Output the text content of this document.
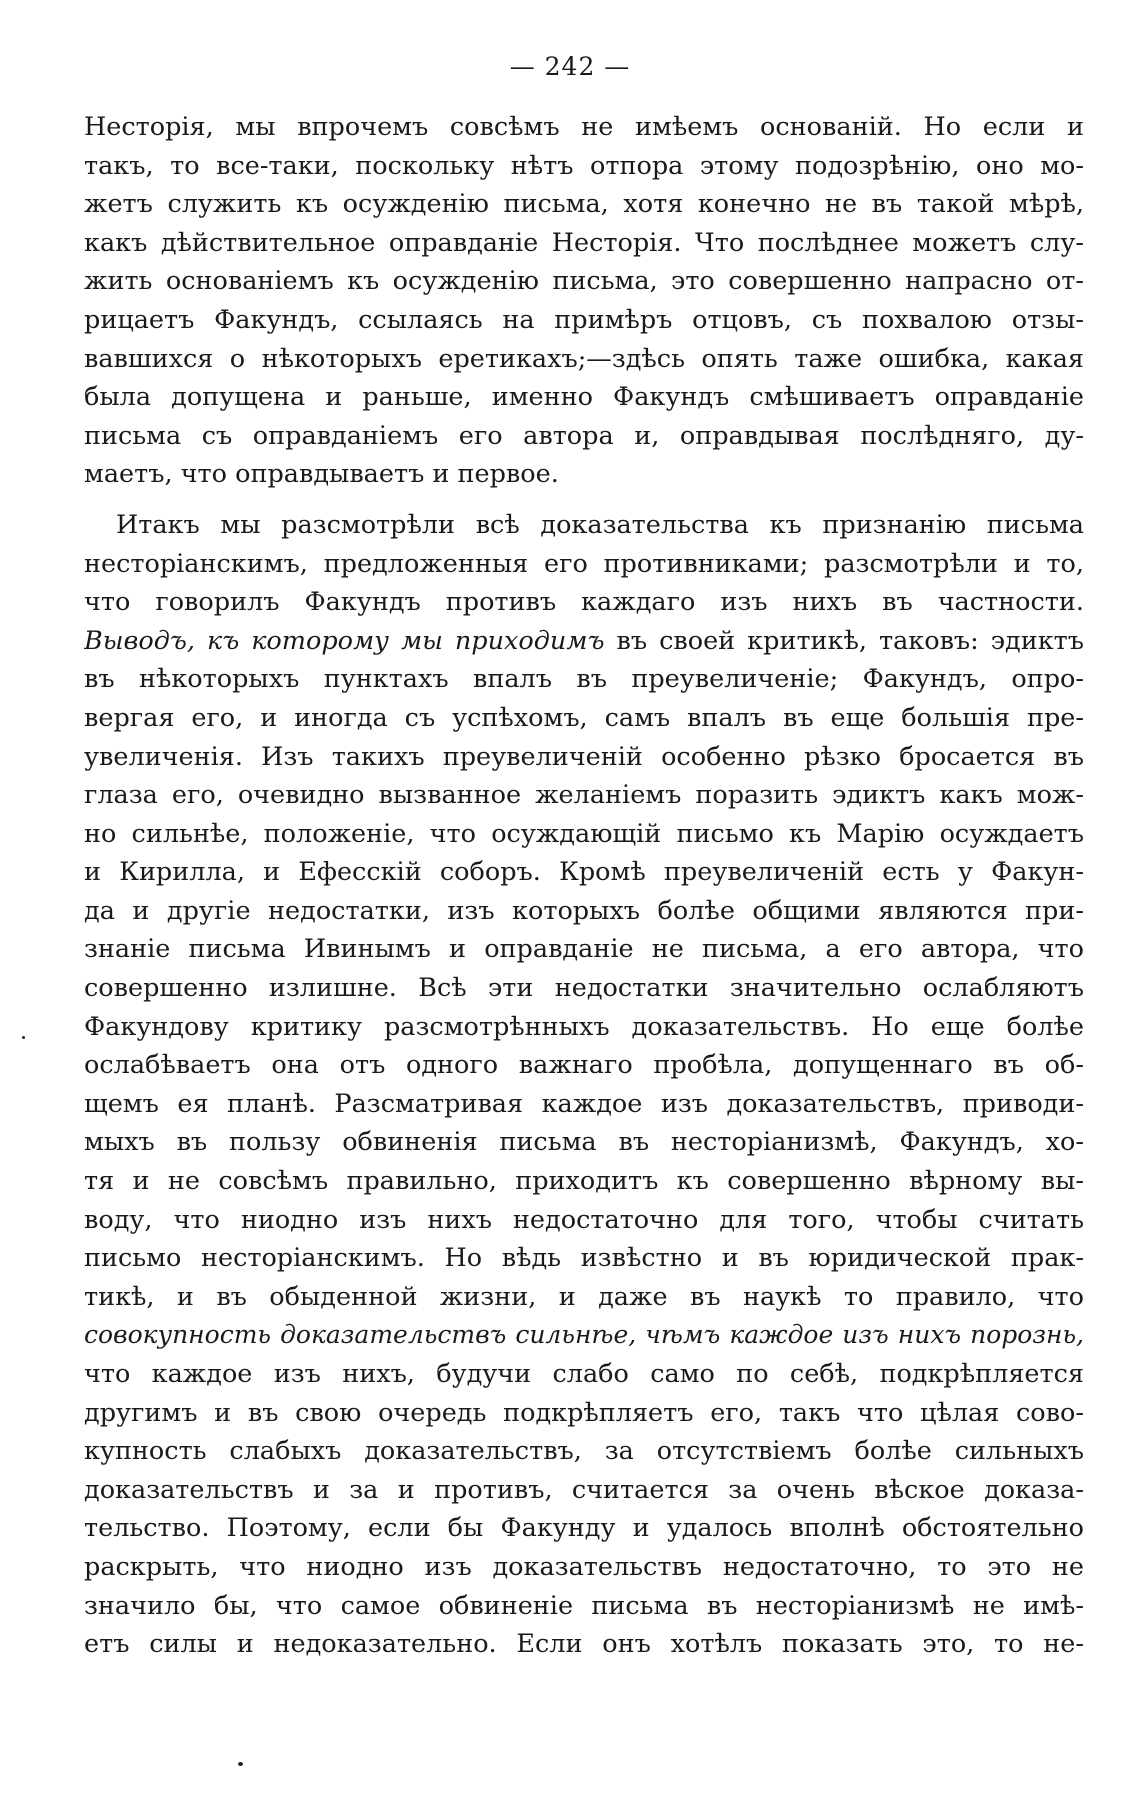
— 242 —
Несторія, мы впрочемъ совсѣмъ не имѣемъ основаній. Но если и
такъ, то все-таки, поскольку нѣтъ отпора этому подозрѣнію, оно мо-
жетъ служить къ осужденію письма, хотя конечно не въ такой мѣрѣ,
какъ дѣйствительное оправданіе Несторія. Что послѣднее можетъ слу-
жить основаніемъ къ осужденію письма, это совершенно напрасно от-
рицаетъ Факундъ, ссылаясь на примѣръ отцовъ, съ похвалою отзы-
вавшихся о нѣкоторыхъ еретикахъ;—здѣсь опять таже ошибка, какая
была допущена и раньше, именно Факундъ смѣшиваетъ оправданіе
письма съ оправданіемъ его автора и, оправдывая послѣдняго, ду-
маетъ, что оправдываетъ и первое.
Итакъ мы разсмотрѣли всѣ доказательства къ признанію письма
несторіанскимъ, предложенныя его противниками; разсмотрѣли и то,
что говорилъ Факундъ противъ каждаго изъ нихъ въ частности.
Выводъ, къ которому мы приходимъ въ своей критикѣ, таковъ: эдиктъ
въ нѣкоторыхъ пунктахъ впалъ въ преувеличеніе; Факундъ, опро-
вергая его, и иногда съ успѣхомъ, самъ впалъ въ еще большія пре-
увеличенія. Изъ такихъ преувеличеній особенно рѣзко бросается въ
глаза его, очевидно вызванное желаніемъ поразить эдиктъ какъ мож-
но сильнѣе, положеніе, что осуждающій письмо къ Марію осуждаетъ
и Кирилла, и Ефесскій соборъ. Кромѣ преувеличеній есть у Факун-
да и другіе недостатки, изъ которыхъ болѣе общими являются при-
знаніе письма Ивинымъ и оправданіе не письма, а его автора, что
совершенно излишне. Всѣ эти недостатки значительно ослабляютъ
Факундову критику разсмотрѣнныхъ доказательствъ. Но еще болѣе
ослабѣваетъ она отъ одного важнаго пробѣла, допущеннаго въ об-
щемъ ея планѣ. Разсматривая каждое изъ доказательствъ, приводи-
мыхъ въ пользу обвиненія письма въ несторіанизмѣ, Факундъ, хо-
тя и не совсѣмъ правильно, приходитъ къ совершенно вѣрному вы-
воду, что ниодно изъ нихъ недостаточно для того, чтобы считать
письмо несторіанскимъ. Но вѣдь извѣстно и въ юридической прак-
тикѣ, и въ обыденной жизни, и даже въ наукѣ то правило, что
совокупность доказательствъ сильнѣе, чѣмъ каждое изъ нихъ порознь,
что каждое изъ нихъ, будучи слабо само по себѣ, подкрѣпляется
другимъ и въ свою очередь подкрѣпляетъ его, такъ что цѣлая сово-
купность слабыхъ доказательствъ, за отсутствіемъ болѣе сильныхъ
доказательствъ и за и противъ, считается за очень вѣское доказа-
тельство. Поэтому, если бы Факунду и удалось вполнѣ обстоятельно
раскрыть, что ниодно изъ доказательствъ недостаточно, то это не
значило бы, что самое обвиненіе письма въ несторіанизмѣ не имѣ-
етъ силы и недоказательно. Если онъ хотѣлъ показать это, то не-
